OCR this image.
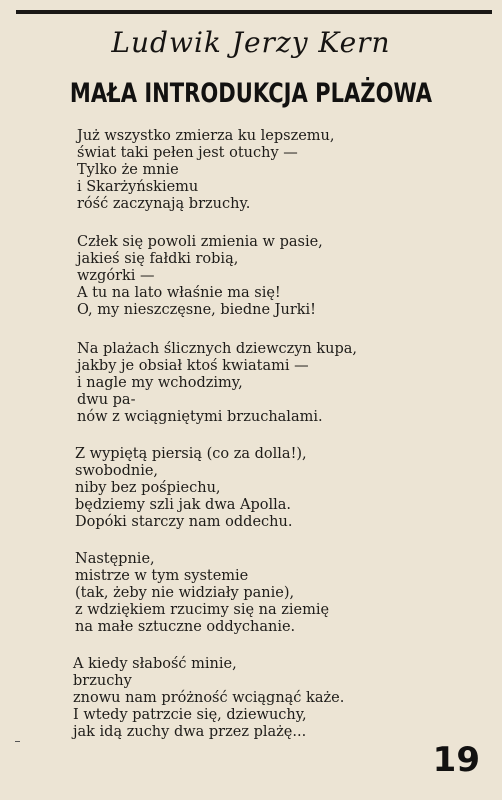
Ludwik Jerzy Kern
MAŁA INTRODUKCJA PLAŻOWA
Już wszystko zmierza ku lepszemu,
świat taki pełen jest otuchy —
Tylko że mnie
i Skarżyńskiemu
róść zaczynają brzuchy.
Człek się powoli zmienia w pasie,
jakieś się fałdki robią,
wzgórki —
A tu na lato właśnie ma się!
O, my nieszczęsne, biedne Jurki!
Na plażach ślicznych dziewczyn kupa,
jakby je obsiał ktoś kwiatami —
i nagle my wchodzimy,
dwu pa-
nów z wciągniętymi brzuchalami.
Z wypiętą piersią (co za dolla!),
swobodnie,
niby bez pośpiechu,
będziemy szli jak dwa Apolla.
Dopóki starczy nam oddechu.
Następnie,
mistrze w tym systemie
(tak, żeby nie widziały panie),
z wdziękiem rzucimy się na ziemię
na małe sztuczne oddychanie.
A kiedy słabość minie,
brzuchy
znowu nam próżność wciągnąć każe.
I wtedy patrzcie się, dziewuchy,
jak idą zuchy dwa przez plażę...
19
